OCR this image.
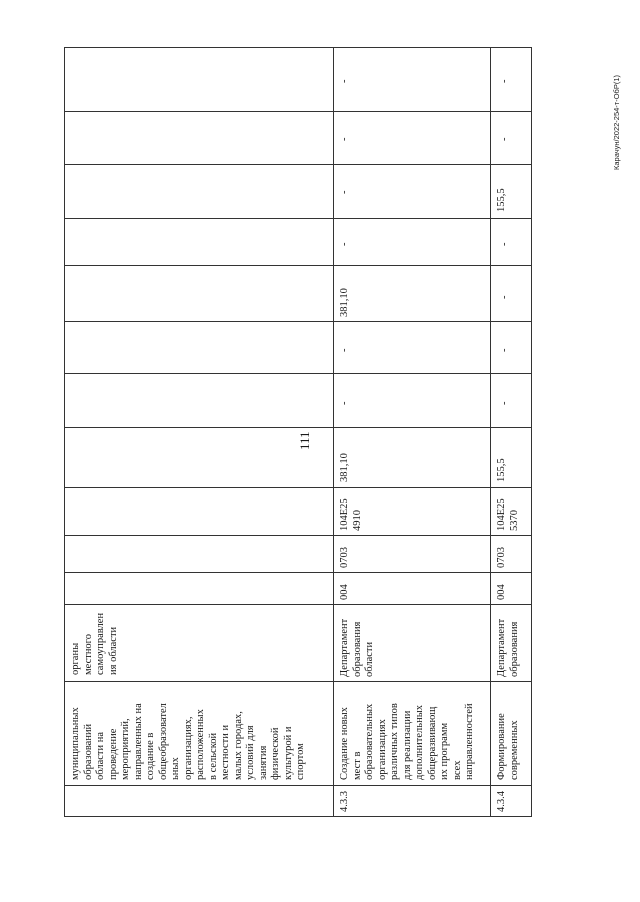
111
Карачун/2022-254-т-ОбР(1)
муниципальных образований области на проведение мероприятий, направленных на создание в общеобразовател ьных организациях, расположенных в сельской местности и малых городах, условий для занятия физической культурой и спортом
органы местного самоуправлен ия области
4.3.3
Создание новых мест в образовательных организациях различных типов для реализации дополнительных общеразвивающ их программ всех направленностей
Департамент образования области
004
0703
104Е25 4910
381,10
-
-
381,10
-
-
-
-
4.3.4
Формирование современных
Департамент образования
004
0703
104Е25 5370
155,5
-
-
-
-
155,5
-
-
